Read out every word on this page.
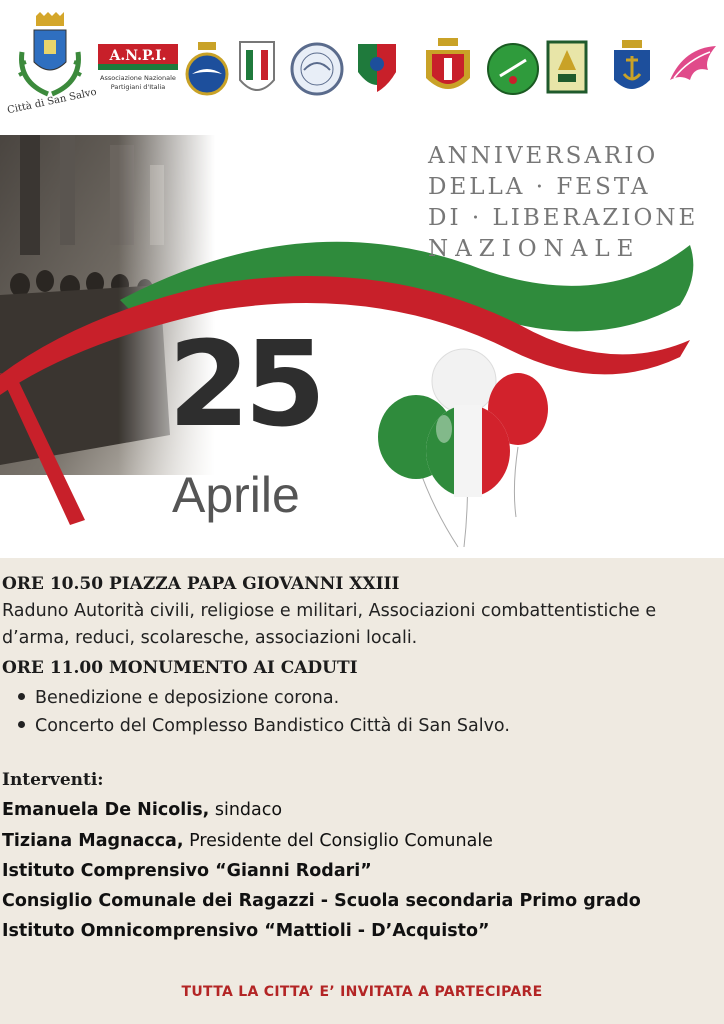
Città di San Salvo
A.N.P.I.
Associazione Nazionale
Partigiani d'Italia
ANNIVERSARIO
DELLA · FESTA
DI · LIBERAZIONE
NAZIONALE
25
Aprile
ORE 10.50 PIAZZA PAPA GIOVANNI XXIII
Raduno Autorità civili, religiose e militari, Associazioni combattentistiche e
d’arma, reduci, scolaresche, associazioni locali.
ORE 11.00 MONUMENTO AI CADUTI
Benedizione e deposizione corona.
Concerto del Complesso Bandistico Città di San Salvo.
Interventi:
Emanuela De Nicolis, sindaco
Tiziana Magnacca, Presidente del Consiglio Comunale
Istituto Comprensivo “Gianni Rodari”
Consiglio Comunale dei Ragazzi - Scuola secondaria Primo grado
Istituto Omnicomprensivo “Mattioli - D’Acquisto”
TUTTA LA CITTA’ E’ INVITATA A PARTECIPARE
